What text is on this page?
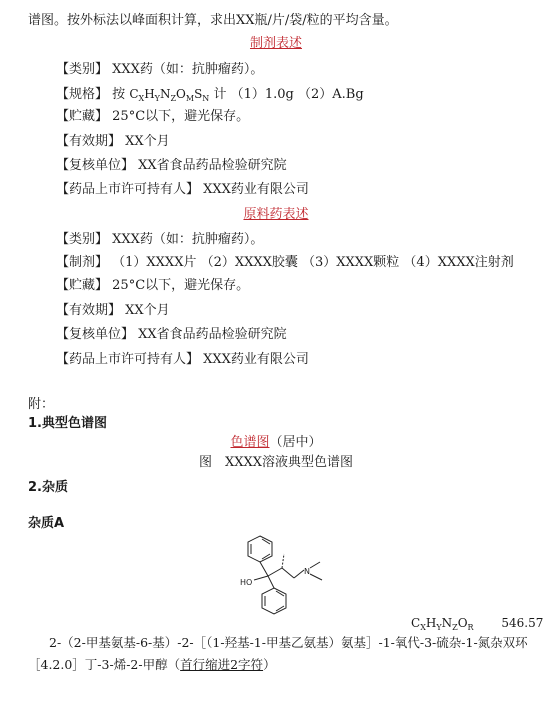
谱图。按外标法以峰面积计算，求出XX瓶/片/袋/粒的平均含量。
制剂表述
【类别】 XXX药（如：抗肿瘤药）。
【规格】 按 $C_XH_YN_ZO_MS_N$ 计 （1）1.0g （2）A.Bg
【贮藏】 25°C以下，避光保存。
【有效期】 XX个月
【复核单位】 XX省食品药品检验研究院
【药品上市许可持有人】 XXX药业有限公司
原料药表述
【类别】 XXX药（如：抗肿瘤药）。
【制剂】 （1）XXXX片 （2）XXXX胶囊 （3）XXXX颗粒 （4）XXXX注射剂
【贮藏】 25°C以下，避光保存。
【有效期】 XX个月
【复核单位】 XX省食品药品检验研究院
【药品上市许可持有人】 XXX药业有限公司
附：
1.典型色谱图
色谱图（居中）
图　XXXX溶液典型色谱图
2.杂质
杂质A
HO
N
$C_XH_YN_ZO_R$ 546.57
2-（2-甲基氨基-6-基）-2-［（1-羟基-1-甲基乙氨基）氨基］-1-氧代-3-硫杂-1-氮杂双环
［4.2.0］丁-3-烯-2-甲醇（首行缩进2字符）
